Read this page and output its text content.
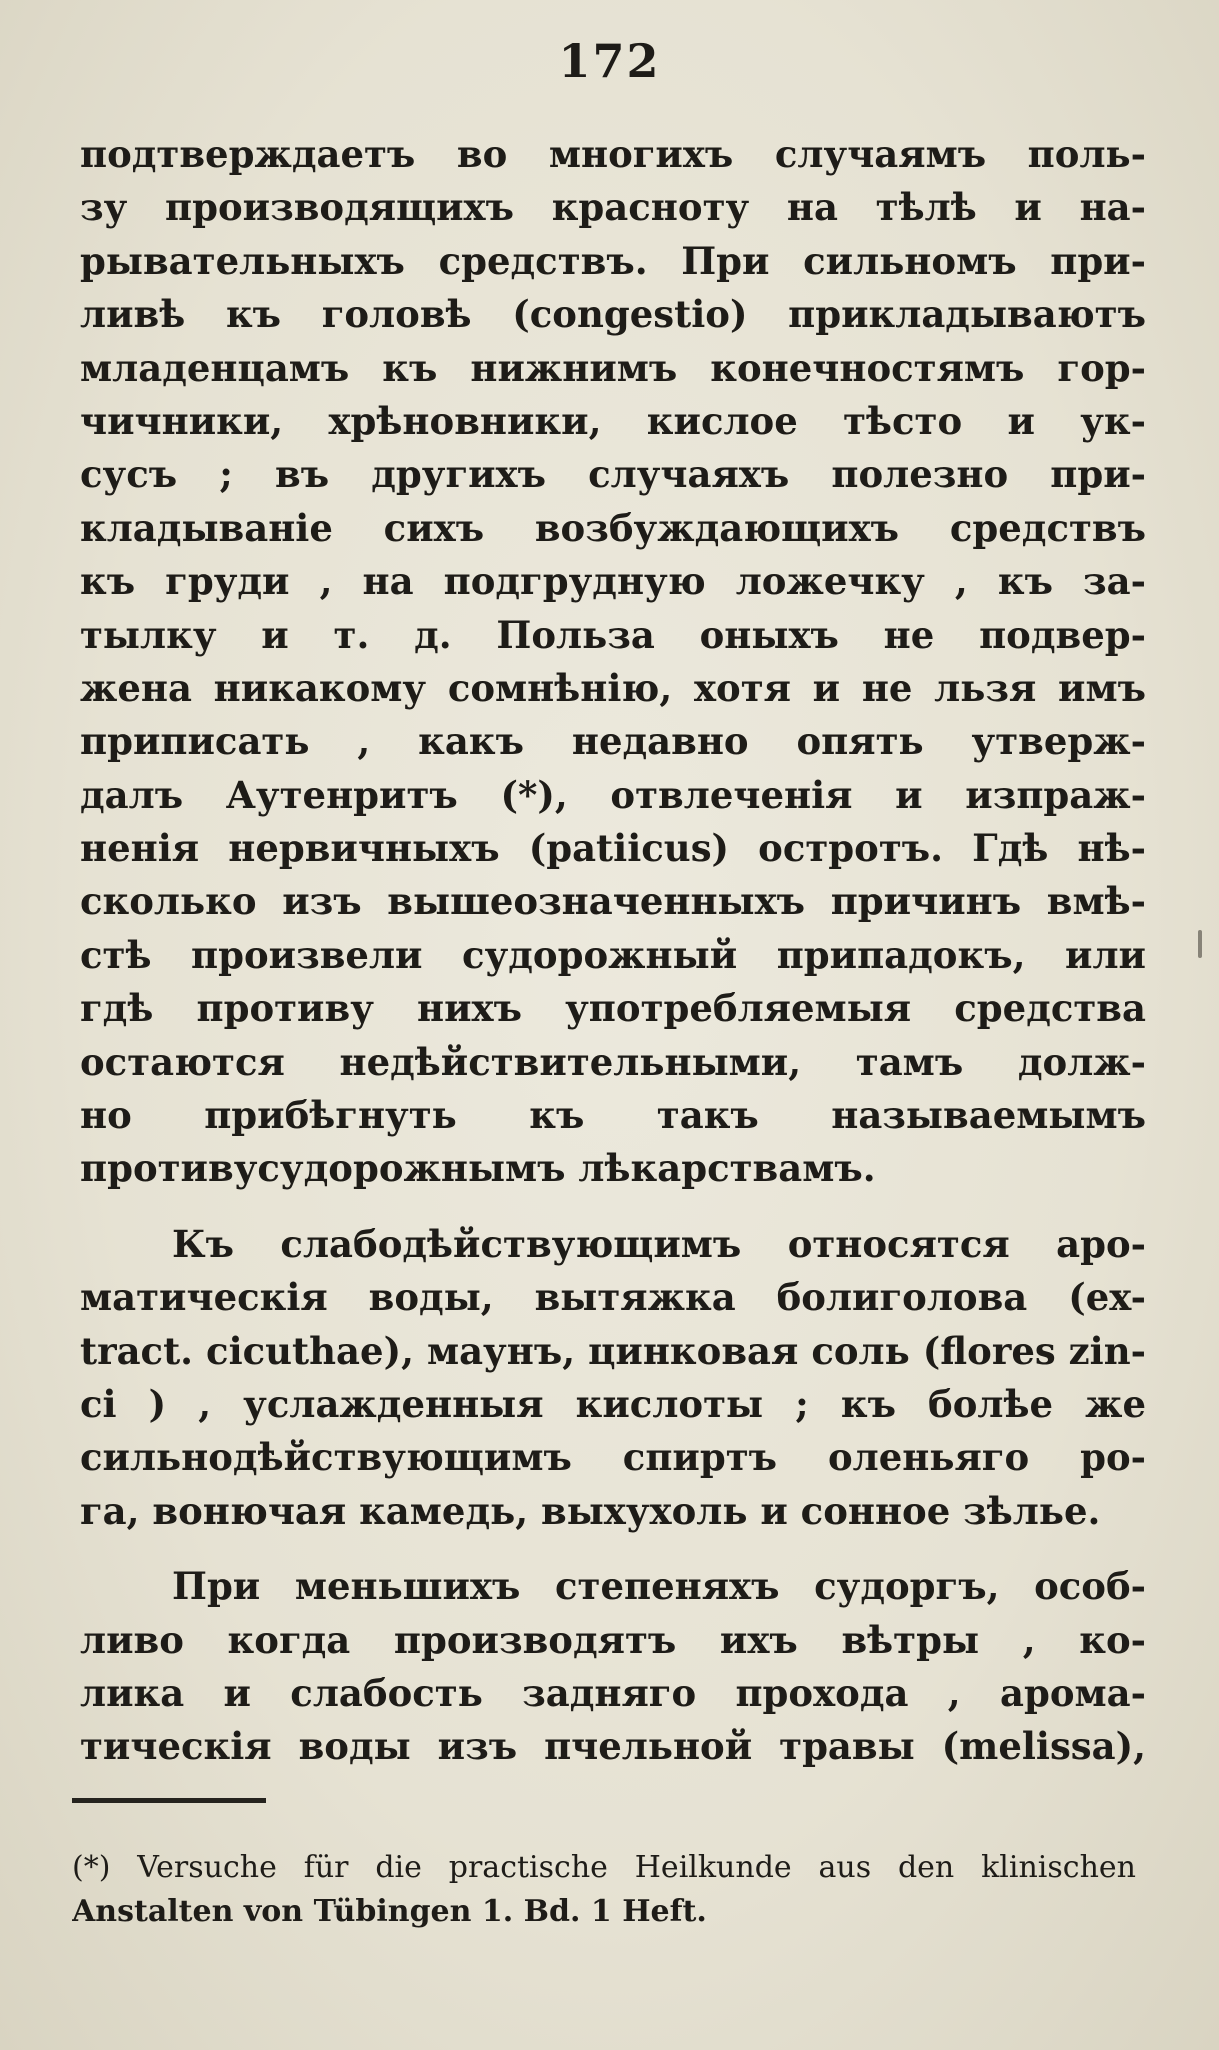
172
подтверждаетъ во многихъ случаямъ поль-
зу производящихъ красноту на тѣлѣ и на-
рывательныхъ средствъ. При сильномъ при-
ливѣ къ головѣ (congestio) прикладываютъ
младенцамъ къ нижнимъ конечностямъ гор-
чичники, хрѣновники, кислое тѣсто и ук-
сусъ ; въ другихъ случаяхъ полезно при-
кладываніе сихъ возбуждающихъ средствъ
къ груди , на подгрудную ложечку , къ за-
тылку и т. д. Польза оныхъ не подвер-
жена никакому сомнѣнію, хотя и не льзя имъ
приписать , какъ недавно опять утверж-
далъ Аутенритъ (*), отвлеченія и изпраж-
ненія нервичныхъ (patiicus) остротъ. Гдѣ нѣ-
сколько изъ вышеозначенныхъ причинъ вмѣ-
стѣ произвели судорожный припадокъ, или
гдѣ противу нихъ употребляемыя средства
остаются недѣйствительными, тамъ долж-
но прибѣгнуть къ такъ называемымъ
противусудорожнымъ лѣкарствамъ.
Къ слабодѣйствующимъ относятся аро-
матическія воды, вытяжка болиголова (ex-
tract. cicuthae), маунъ, цинковая соль (flores zin-
ci ) , услажденныя кислоты ; къ болѣе же
сильнодѣйствующимъ спиртъ оленьяго ро-
га, вонючая камедь, выхухоль и сонное зѣлье.
При меньшихъ степеняхъ судоргъ, особ-
ливо когда производятъ ихъ вѣтры , ко-
лика и слабость задняго прохода , арома-
тическія воды изъ пчельной травы (melissa),
(*) Versuche für die practische Heilkunde aus den klinischen
Anstalten von Tübingen 1. Bd. 1 Heft.
